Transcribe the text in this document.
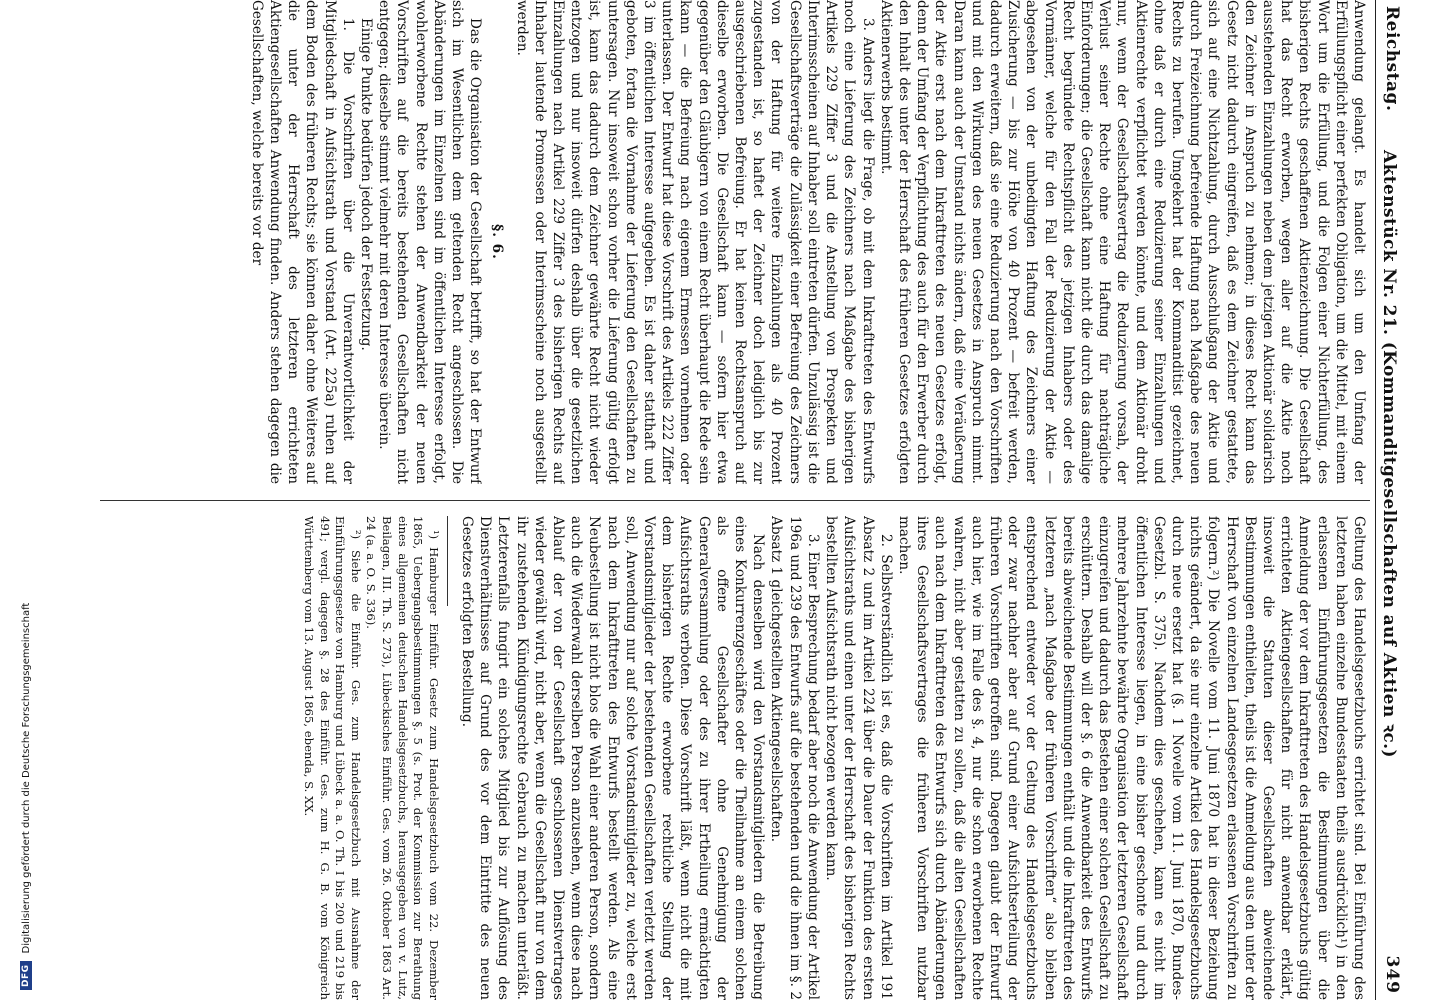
DFG
Digitalisierung gefördert durch die Deutsche Forschungsgemeinschaft
Reichstag.
Aktenstück Nr. 21. (Kommanditgesellschaften auf Aktien ꝛc.)
349

Anwendung gelangt. Es handelt sich um den Umfang der Erfüllungspflicht einer perfekten Obligation, um die Mittel, mit einem Wort um die Erfüllung, und die Folgen einer Nichterfüllung, des bisherigen Rechts geschaffenen Aktienzeichnung. Die Gesellschaft hat das Recht erworben, wegen aller auf die Aktie noch ausstehenden Einzahlungen neben dem jetzigen Aktionär solidarisch den Zeichner in Anspruch zu nehmen; in dieses Recht kann das Gesetz nicht dadurch eingreifen, daß es dem Zeichner gestattete, sich auf eine Nichtzahlung, durch Ausschlußgang der Aktie und durch Freizeichnung befreiende Haftung nach Maßgabe des neuen Rechts zu berufen. Umgekehrt hat der Kommanditist gezeichnet, ohne daß er durch eine Reduzierung seiner Einzahlungen und Aktienrechte verpflichtet werden könnte, und dem Aktionär droht nur, wenn der Gesellschaftsvertrag die Reduzierung vorsah, der Verlust seiner Rechte ohne eine Haftung für nachträgliche Einforderungen; die Gesellschaft kann nicht die durch das damalige Recht begründete Rechtspflicht des jetzigen Inhabers oder des Vormänner, welche für den Fall der Reduzierung der Aktie — abgesehen von der unbedingten Haftung des Zeichners einer Zusicherung — bis zur Höhe von 40 Prozent — befreit werden, dadurch erweitern, daß sie eine Reduzierung nach den Vorschriften und mit den Wirkungen des neuen Gesetzes in Anspruch nimmt. Daran kann auch der Umstand nichts ändern, daß eine Veräußerung der Aktie erst nach dem Inkrafttreten des neuen Gesetzes erfolgt, denn der Umfang der Verpflichtung des auch für den Erwerber durch den Inhalt des unter der Herrschaft des früheren Gesetzes erfolgten Aktienerwerbs bestimmt.

3. Anders liegt die Frage, ob mit dem Inkrafttreten des Entwurfs noch eine Lieferung des Zeichners nach Maßgabe des bisherigen Artikels 229 Ziffer 3 und die Anstellung von Prospekten und Interimsscheinen auf Inhaber soll eintreten dürfen. Unzulässig ist die Gesellschaftsverträge die Zulässigkeit einer Befreiung des Zeichners von der Haftung für weitere Einzahlungen als 40 Prozent zugestanden ist, so haftet der Zeichner doch lediglich bis zur ausgeschriebenen Befreiung. Er hat keinen Rechtsanspruch auf dieselbe erworben. Die Gesellschaft kann — sofern hier etwa gegenüber den Gläubigern von einem Recht überhaupt die Rede sein kann — die Befreiung nach eigenem Ermessen vornehmen oder unterlassen. Der Entwurf hat diese Vorschrift des Artikels 222 Ziffer 3 im öffentlichen Interesse aufgegeben. Es ist daher statthaft und geboten, fortan die Vornahme der Lieferung den Gesellschaften zu untersagen. Nur insoweit schon vorher die Lieferung gültig erfolgt ist, kann das dadurch dem Zeichner gewährte Recht nicht wieder entzogen und nur insoweit dürfen deshalb über die gesetzlichen Einzahlungen nach Artikel 229 Ziffer 3 des bisherigen Rechts auf Inhaber lautende Promessen oder Interimsscheine noch ausgestellt werden.

§. 6.

Das die Organisation der Gesellschaft betrifft, so hat der Entwurf sich im Wesentlichen dem geltenden Recht angeschlossen. Die Abänderungen im Einzelnen sind im öffentlichen Interesse erfolgt, wohlerworbene Rechte stehen der Anwendbarkeit der neuen Vorschriften auf die bereits bestehenden Gesellschaften nicht entgegen; dieselbe stimmt vielmehr mit deren Interesse überein.

Einige Punkte bedürfen jedoch der Festsetzung.

1. Die Vorschriften über die Unverantwortlichkeit der Mitgliedschaft in Aufsichtsrath und Vorstand (Art. 225a) ruhen auf dem Boden des früheren Rechts; sie können daher ohne Weiteres auf die unter der Herrschaft des letzteren errichteten Aktiengesellschaften Anwendung finden. Anders stehen dagegen die Gesellschaften, welche bereits vor der

Geltung des Handelsgesetzbuchs errichtet sind. Bei Einführung des letzteren haben einzelne Bundesstaaten theils ausdrücklich¹) in den erlassenen Einführungsgesetzen die Bestimmungen über die Anmeldung der vor dem Inkrafttreten des Handelsgesetzbuchs gültig errichteten Aktiengesellschaften für nicht anwendbar erklärt, insoweit die Statuten dieser Gesellschaften abweichende Bestimmungen enthielten, theils ist die Anmeldung aus den unter der Herrschaft von einzelnen Landesgesetzen erlassenen Vorschriften zu folgern.²) Die Novelle vom 11. Juni 1870 hat in dieser Beziehung nichts geändert, da sie nur einzelne Artikel des Handelsgesetzbuchs durch neue ersetzt hat (§. 1 Novelle vom 11. Juni 1870, Bundes-Gesetzbl. S. 375). Nachdem dies geschehen, kann es nicht im öffentlichen Interesse liegen, in eine bisher geschonte und durch mehrere Jahrzehnte bewährte Organisation der letzteren Gesellschaft einzugreifen und dadurch das Bestehen einer solchen Gesellschaft zu erschüttern. Deshalb will der §. 6 die Anwendbarkeit des Entwurfs bereits abweichende Bestimmungen enthält und die Inkrafttreten des letzteren „nach Maßgabe der früheren Vorschriften“ also bleiben entsprechend entweder vor der Geltung des Handelsgesetzbuchs oder zwar nachher aber auf Grund einer Aufsichtserteilung der früheren Vorschriften getroffen sind. Dagegen glaubt der Entwurf auch hier, wie im Falle des §. 4, nur die schon erworbenen Rechte wahren, nicht aber gestatten zu sollen, daß die alten Gesellschaften auch nach dem Inkrafttreten des Entwurfs sich durch Abänderungen ihres Gesellschaftsvertrages die früheren Vorschriften nutzbar machen.

2. Selbstverständlich ist es, daß die Vorschriften im Artikel 191 Absatz 2 und im Artikel 224 über die Dauer der Funktion des ersten Aufsichtsraths und einen unter der Herrschaft des bisherigen Rechts bestellten Aufsichtsrath nicht bezogen werden kann.

3. Einer Besprechung bedarf aber noch die Anwendung der Artikel 196a und 239 des Entwurfs auf die bestehenden und die ihnen im §. 2 Absatz 1 gleichgestellten Aktiengesellschaften.

Nach denselben wird den Vorstandsmitgliedern die Betreibung eines Konkurrenzgeschäftes oder die Theilnahme an einem solchen als offene Gesellschafter ohne Genehmigung der Generalversammlung oder des zu ihrer Ertheilung ermächtigten Aufsichtsraths verboten. Diese Vorschrift läßt, wenn nicht die mit dem bisherigen Rechte erworbene rechtliche Stellung der Vorstandsmitglieder der bestehenden Gesellschaften verletzt werden soll, Anwendung nur auf solche Vorstandsmitglieder zu, welche erst nach dem Inkrafttreten des Entwurfs bestellt werden. Als eine Neubestellung ist nicht blos die Wahl einer anderen Person, sondern auch die Wiederwahl derselben Person anzusehen, wenn diese nach Ablauf der von der Gesellschaft geschlossenen Dienstvertrages wieder gewählt wird, nicht aber, wenn die Gesellschaft nur von dem ihr zustehenden Kündigungsrechte Gebrauch zu machen unterläßt. Letzterenfalls fungirt ein solches Mitglied bis zur Auflösung des Dienstverhältnisses auf Grund des vor dem Eintritte des neuen Gesetzes erfolgten Bestellung.

¹) Hamburger Einführ. Gesetz zum Handelsgesetzbuch vom 22. Dezember 1865, Uebergangsbestimmungen §. 5 (s. Prot. der Kommission zur Berathung eines allgemeinen deutschen Handelsgesetzbuchs, herausgegeben von v. Lutz, Beilagen, III. Th. S. 273), Lübeckisches Einführ. Ges. vom 26. Oktober 1863 Art. 24 (a. a. O. S. 336).

²) Siehe die Einführ. Ges. zum Handelsgesetzbuch mit Ausnahme der Einführungsgesetze von Hamburg und Lübeck a. a. O. Th. I bis 200 und 219 bis 491; vergl. dagegen §. 28 des Einführ. Ges. zum H. G. B. vom Königreich Württemberg vom 13. August 1865, ebenda, S. XX.
